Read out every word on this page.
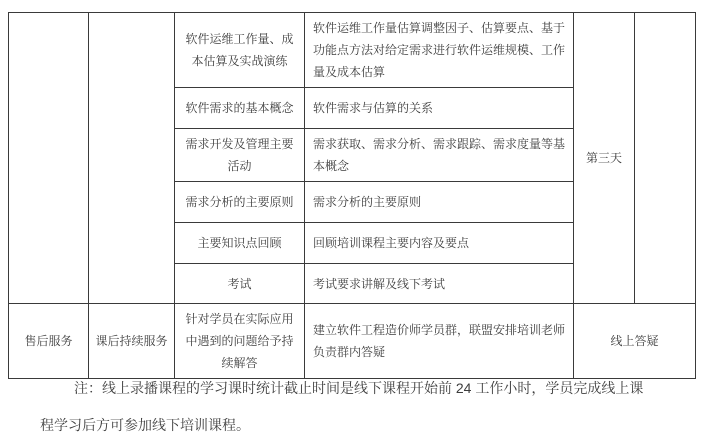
		软件运维工作量、成本估算及实战演练	软件运维工作量估算调整因子、估算要点、基于功能点方法对给定需求进行软件运维规模、工作量及成本估算	第三天	
		软件需求的基本概念	软件需求与估算的关系		
		需求开发及管理主要活动	需求获取、需求分析、需求跟踪、需求度量等基本概念		
		需求分析的主要原则	需求分析的主要原则		
		主要知识点回顾	回顾培训课程主要内容及要点		
		考试	考试要求讲解及线下考试		
售后服务	课后持续服务	针对学员在实际应用中遇到的问题给予持续解答	建立软件工程造价师学员群，联盟安排培训老师负责群内答疑	线上答疑	

注：线上录播课程的学习课时统计截止时间是线下课程开始前 24 工作小时，学员完成线上课程学习后方可参加线下培训课程。
